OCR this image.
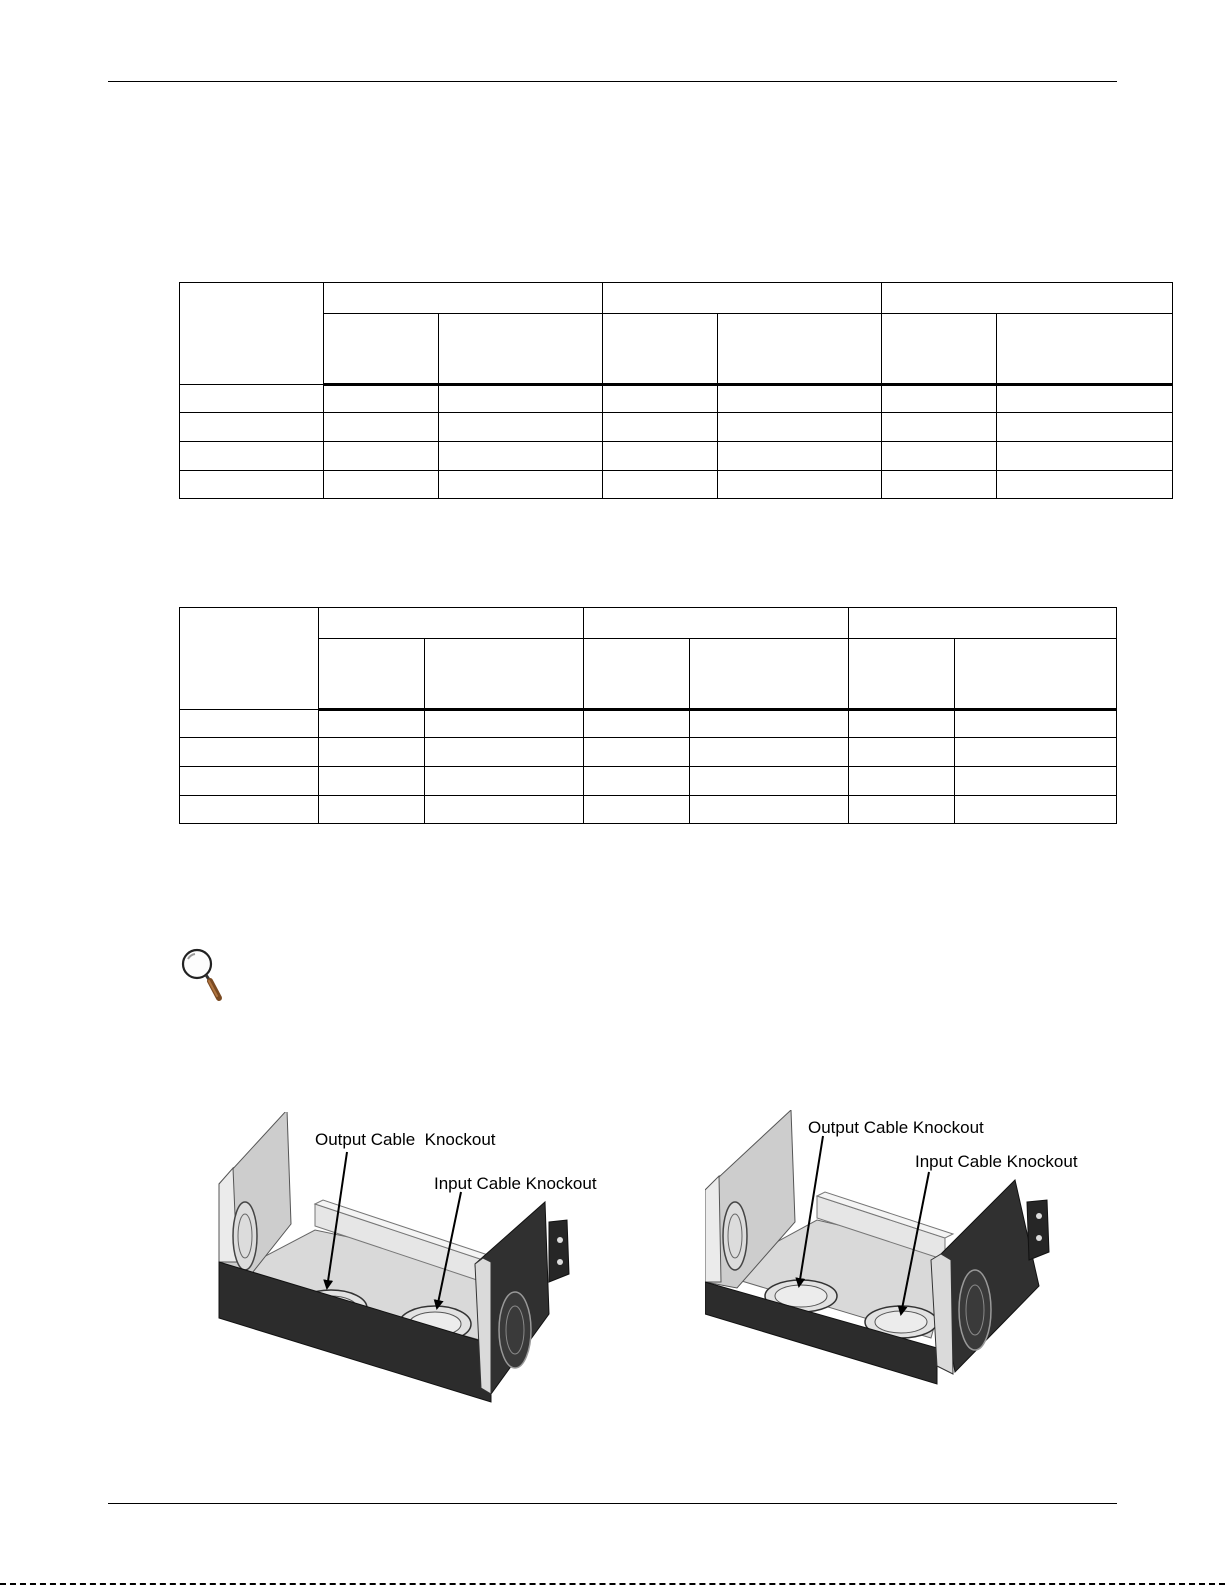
Output Cable  Knockout
Input Cable Knockout
Output Cable Knockout
Input Cable Knockout
